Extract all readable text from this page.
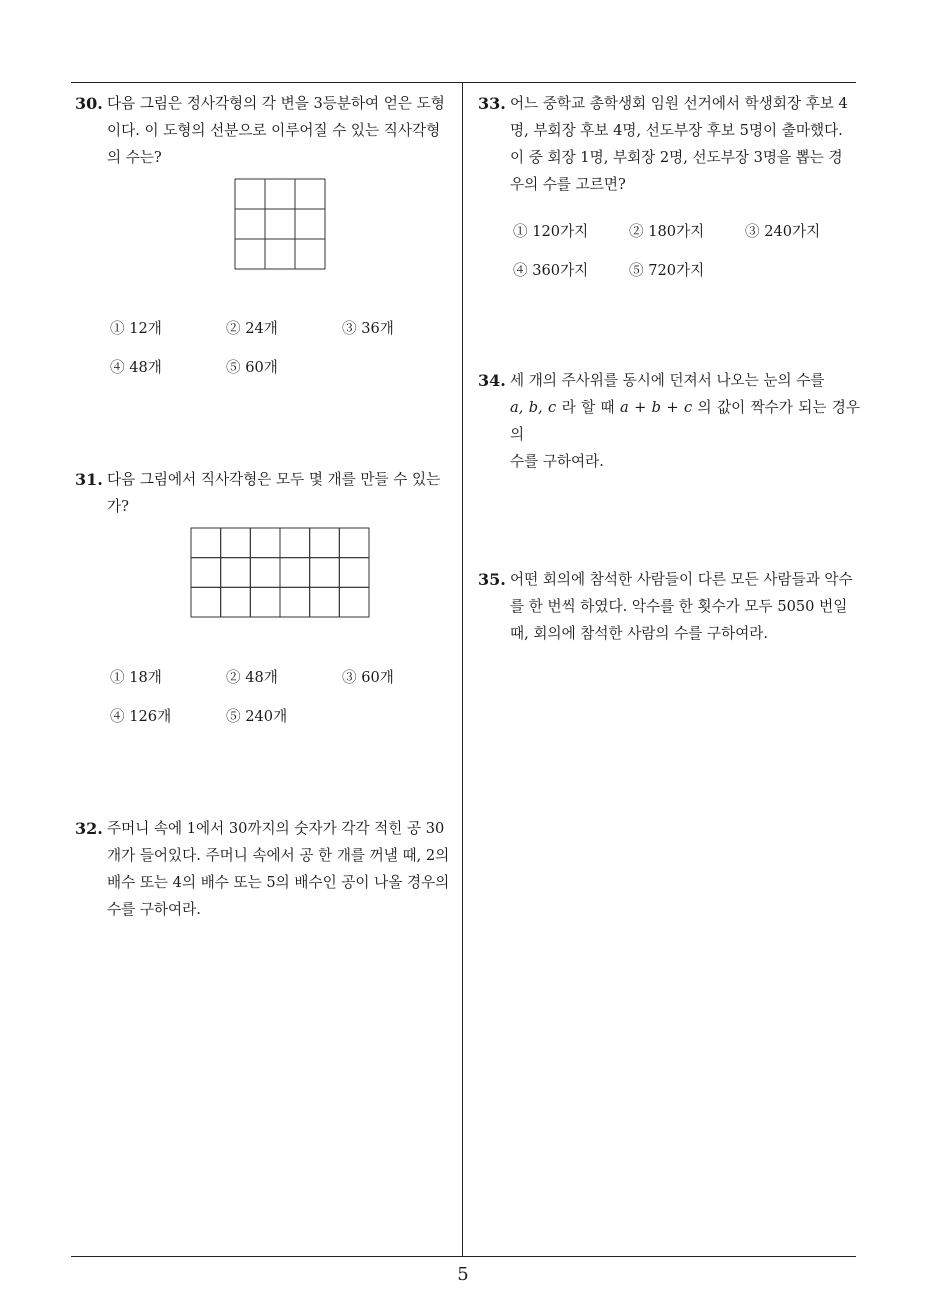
30. 다음 그림은 정사각형의 각 변을 3등분하여 얻은 도형

이다. 이 도형의 선분으로 이루어질 수 있는 직사각형

의 수는?

① 12개	② 24개	③ 36개
④ 48개	⑤ 60개
31. 다음 그림에서 직사각형은 모두 몇 개를 만들 수 있는

가?

① 18개	② 48개	③ 60개
④ 126개	⑤ 240개
32. 주머니 속에 1에서 30까지의 숫자가 각각 적힌 공 30

개가 들어있다. 주머니 속에서 공 한 개를 꺼낼 때, 2의

배수 또는 4의 배수 또는 5의 배수인 공이 나올 경우의

수를 구하여라.

33. 어느 중학교 총학생회 임원 선거에서 학생회장 후보 4

명, 부회장 후보 4명, 선도부장 후보 5명이 출마했다.

이 중 회장 1명, 부회장 2명, 선도부장 3명을 뽑는 경

우의 수를 고르면?

① 120가지	② 180가지	③ 240가지
④ 360가지	⑤ 720가지
34. 세 개의 주사위를 동시에 던져서 나오는 눈의 수를

a, b, c 라 할 때 a + b + c 의 값이 짝수가 되는 경우의

수를 구하여라.

35. 어떤 회의에 참석한 사람들이 다른 모든 사람들과 악수

를 한 번씩 하였다. 악수를 한 횟수가 모두 5050 번일

때, 회의에 참석한 사람의 수를 구하여라.

5
